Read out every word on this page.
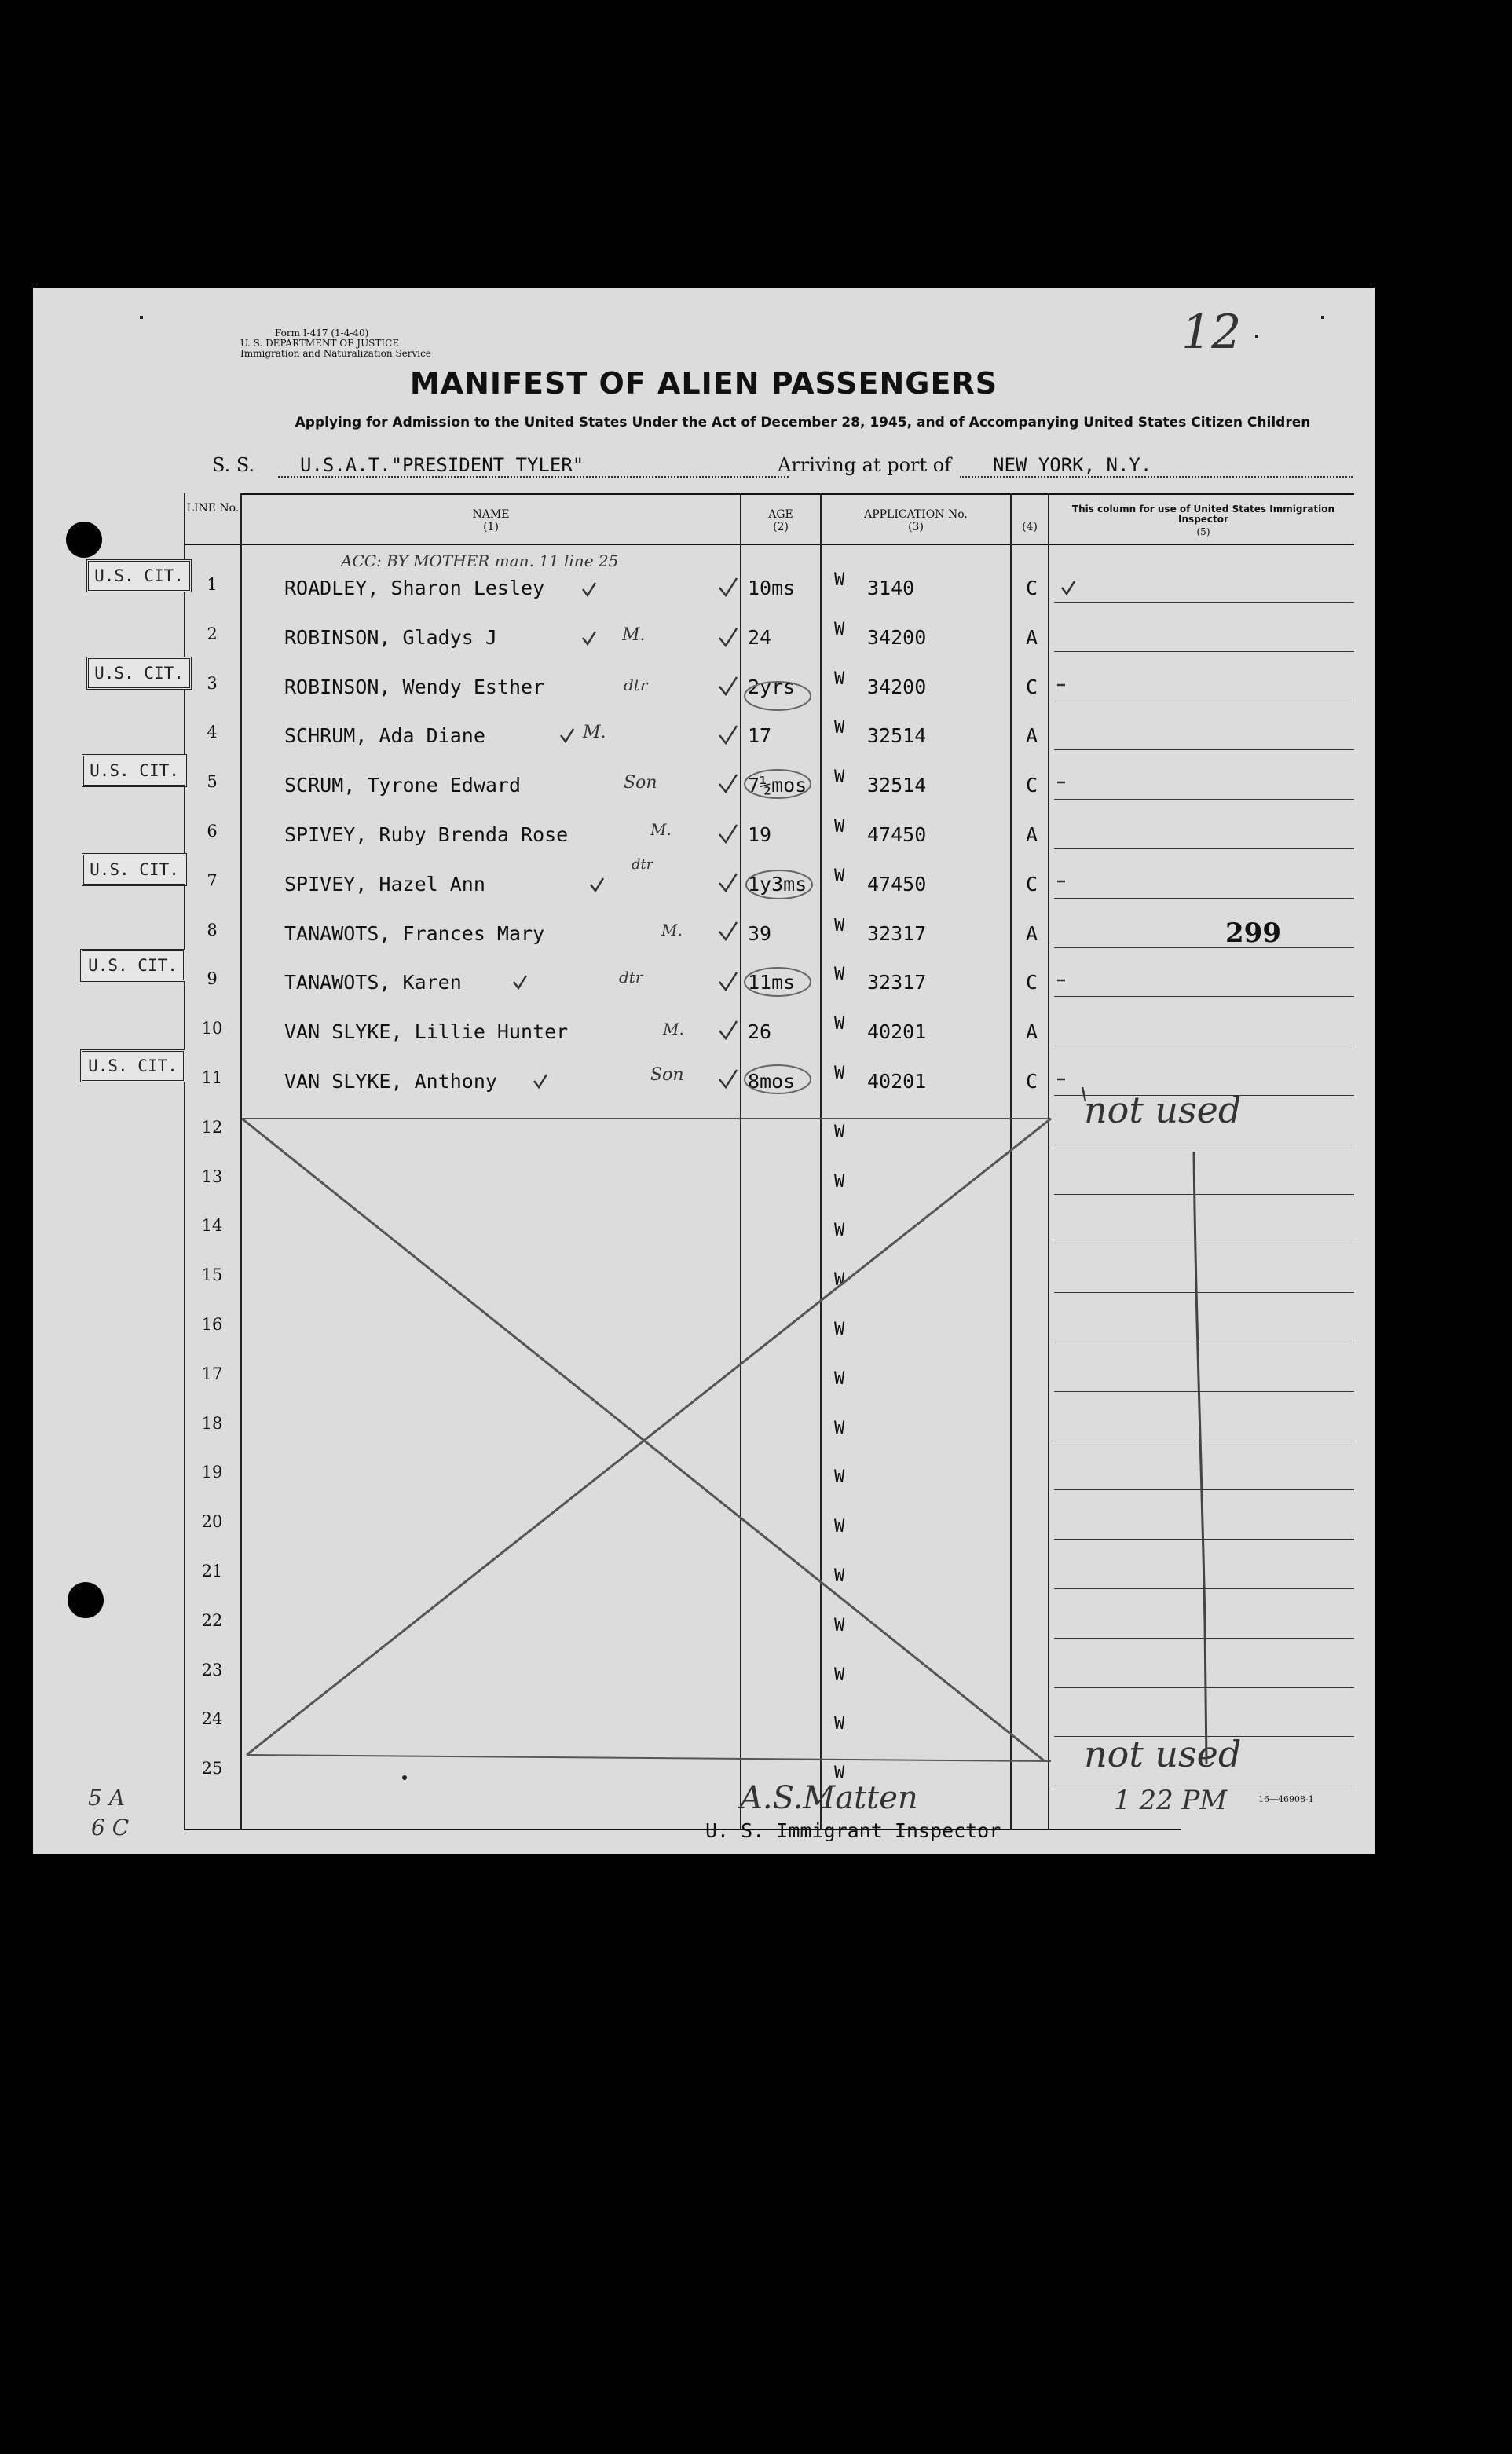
Form I-417 (1-4-40)
U. S. DEPARTMENT OF JUSTICE
Immigration and Naturalization Service	12
MANIFEST OF ALIEN PASSENGERS
Applying for Admission to the United States Under the Act of December 28, 1945, and of Accompanying United States Citizen Children
S. S. U.S.A.T."PRESIDENT TYLER"	Arriving at port of NEW YORK, N.Y.
LINE No.	NAME
(1)
AGE
(2)
APPLICATION No.
(3)	(4)
This column for use of United States Immigration Inspector
(5)
1	ROADLEY, Sharon Lesley	10ms W 3140	C
2	ROBINSON, Gladys J	24	W 34200	A
3	ROBINSON, Wendy Esther	2yrs W 34200	C
4	SCHRUM, Ada Diane	17	W 32514	A
5	SCRUM, Tyrone Edward	7½mos W 32514	C
6	SPIVEY, Ruby Brenda Rose	19	W 47450	A
7	SPIVEY, Hazel Ann	1y3ms W 47450	C
8	TANAWOTS, Frances Mary	39	W 32317	A
9	TANAWOTS, Karen	11ms W 32317	C
10	VAN SLYKE, Lillie Hunter	26	W 40201	A
11	VAN SLYKE, Anthony	8mos W 40201	C
12	W
13	W
14	W
15	W
16	W
17	W
18	W
19	W
20	W
21	W
22	W
23	W
24	W
25	W
U.S. CIT.
U.S. CIT.
U.S. CIT.
U.S. CIT.
U.S. CIT.
U.S. CIT.
ACC: BY MOTHER man. 11 line 25
M.
dtr
M.
Son
M.
dtr
M.
dtr
M.
Son
299
not used
not used
A.S.Matten
U. S. Immigrant Inspector
1 22 PM	16—46908-1
5 A
6 C
